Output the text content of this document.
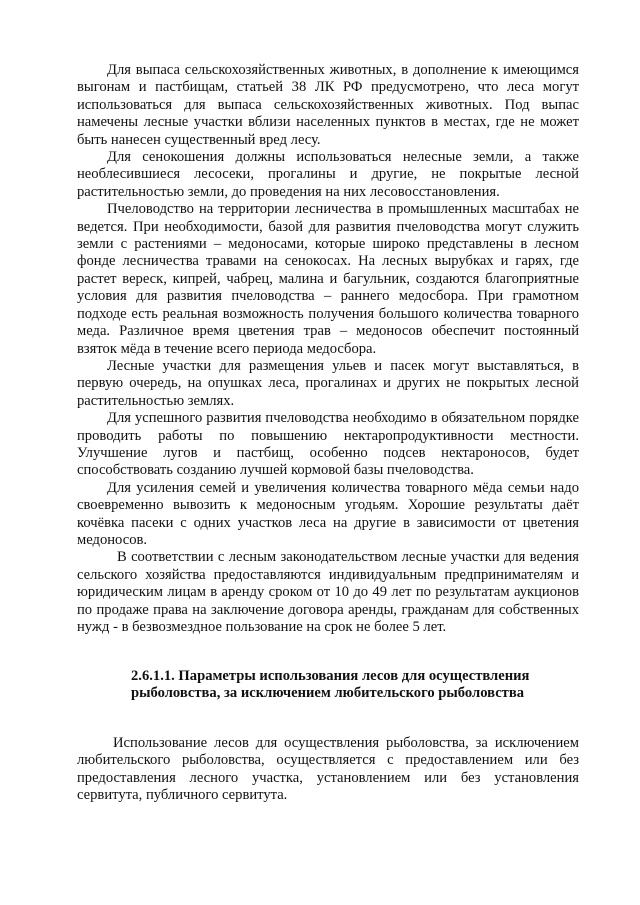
Для выпаса сельскохозяйственных животных, в дополнение к имеющимся выгонам и пастбищам, статьей 38 ЛК РФ предусмотрено, что леса могут использоваться для выпаса сельскохозяйственных животных. Под выпас намечены лесные участки вблизи населенных пунктов в местах, где не может быть нанесен существенный вред лесу.

Для сенокошения должны использоваться нелесные земли, а также необлесившиеся лесосеки, прогалины и другие, не покрытые лесной растительностью земли, до проведения на них лесовосстановления.

Пчеловодство на территории лесничества в промышленных масштабах не ведется. При необходимости, базой для развития пчеловодства могут служить земли с растениями – медоносами, которые широко представлены в лесном фонде лесничества травами на сенокосах. На лесных вырубках и гарях, где растет вереск, кипрей, чабрец, малина и багульник, создаются благоприятные условия для развития пчеловодства – раннего медосбора. При грамотном подходе есть реальная возможность получения большого количества товарного меда. Различное время цветения трав – медоносов обеспечит постоянный взяток мёда в течение всего периода медосбора.

Лесные участки для размещения ульев и пасек могут выставляться, в первую очередь, на опушках леса, прогалинах и других не покрытых лесной растительностью землях.

Для успешного развития пчеловодства необходимо в обязательном порядке проводить работы по повышению нектаропродуктивности местности. Улучшение лугов и пастбищ, особенно подсев нектароносов, будет способствовать созданию лучшей кормовой базы пчеловодства.

Для усиления семей и увеличения количества товарного мёда семьи надо своевременно вывозить к медоносным угодьям. Хорошие результаты даёт кочёвка пасеки с одних участков леса на другие в зависимости от цветения медоносов.

В соответствии с лесным законодательством лесные участки для ведения сельского хозяйства предоставляются индивидуальным предпринимателям и юридическим лицам в аренду сроком от 10 до 49 лет по результатам аукционов по продаже права на заключение договора аренды, гражданам для собственных нужд - в безвозмездное пользование на срок не более 5 лет.

2.6.1.1. Параметры использования лесов для осуществления рыболовства, за исключением любительского рыболовства

Использование лесов для осуществления рыболовства, за исключением любительского рыболовства, осуществляется с предоставлением или без предоставления лесного участка, установлением или без установления сервитута, публичного сервитута.
